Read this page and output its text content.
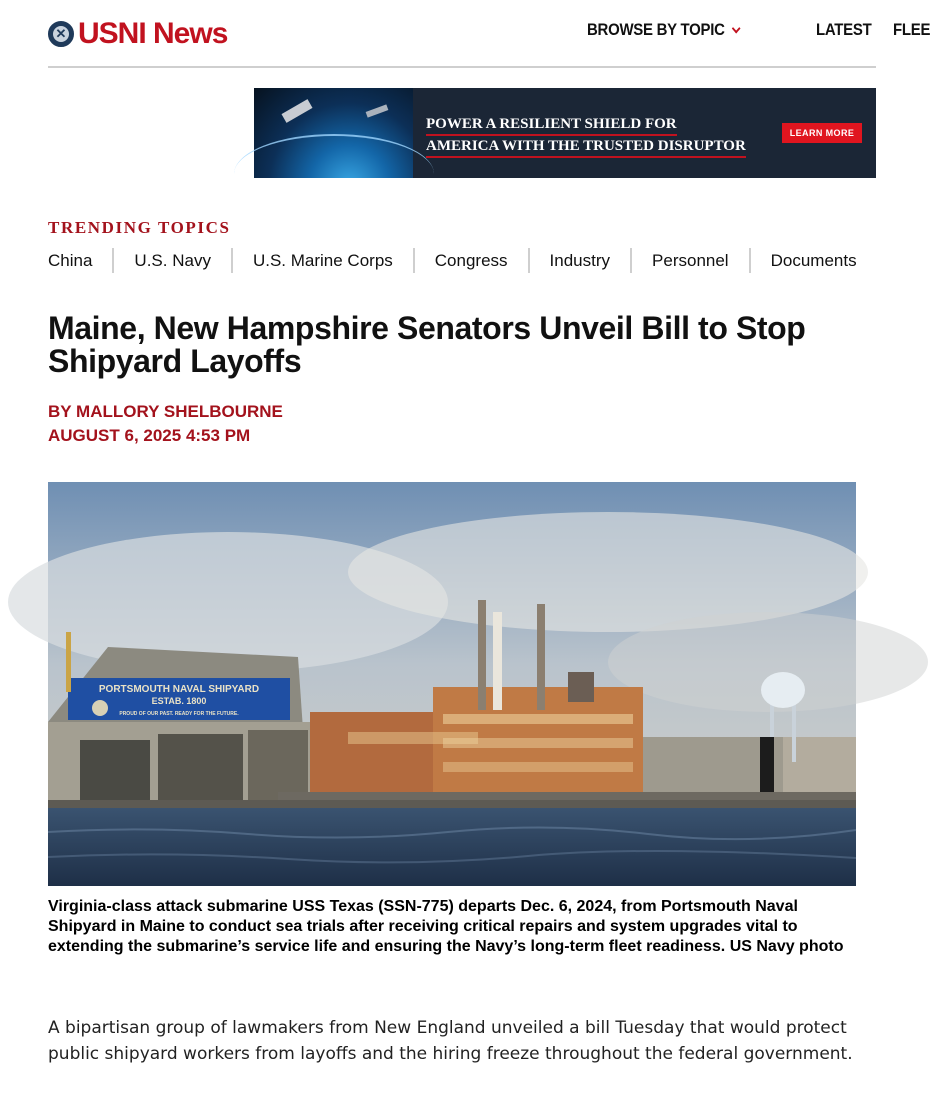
✕
USNI News	BROWSE BY TOPIC	LATEST FLEE
POWER A RESILIENT SHIELD FOR
AMERICA WITH THE TRUSTED DISRUPTOR
LEARN MORE
TRENDING TOPICS
China	U.S. Navy	U.S. Marine Corps	Congress	Industry	Personnel	Documents
Maine, New Hampshire Senators Unveil Bill to Stop Shipyard Layoffs
BY MALLORY SHELBOURNE
AUGUST 6, 2025 4:53 PM
PORTSMOUTH NAVAL SHIPYARD
ESTAB. 1800
PROUD OF OUR PAST. READY FOR THE FUTURE.
Virginia-class attack submarine USS Texas (SSN-775) departs Dec. 6, 2024, from Portsmouth Naval Shipyard in Maine to conduct sea trials after receiving critical repairs and system upgrades vital to extending the submarine’s service life and ensuring the Navy’s long-term fleet readiness. US Navy photo

A bipartisan group of lawmakers from New England unveiled a bill Tuesday that would protect public shipyard workers from layoffs and the hiring freeze throughout the federal government.
